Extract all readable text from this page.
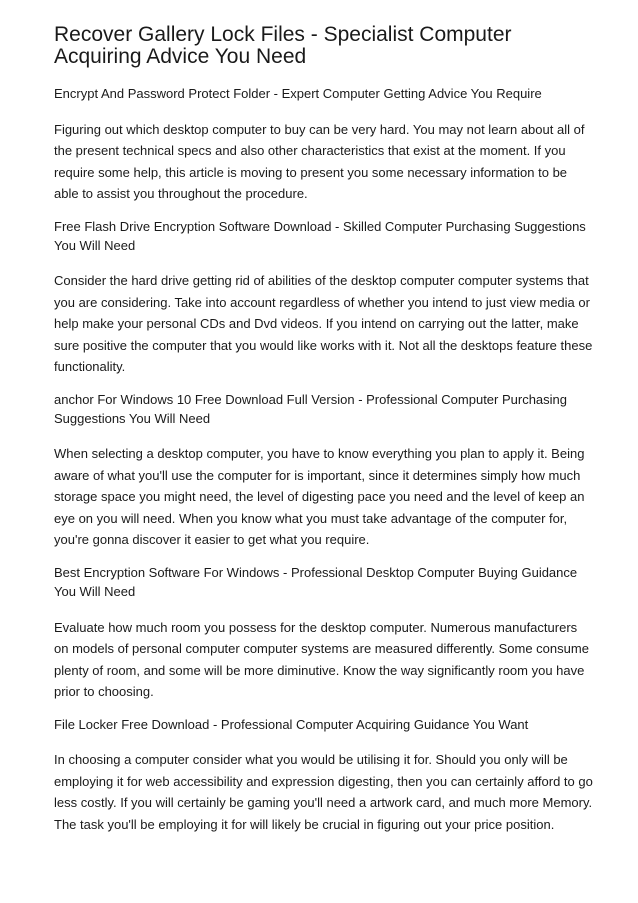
Recover Gallery Lock Files - Specialist Computer Acquiring Advice You Need
Encrypt And Password Protect Folder - Expert Computer Getting Advice You Require

Figuring out which desktop computer to buy can be very hard. You may not learn about all of the present technical specs and also other characteristics that exist at the moment. If you require some help, this article is moving to present you some necessary information to be able to assist you throughout the procedure.

Free Flash Drive Encryption Software Download - Skilled Computer Purchasing Suggestions You Will Need

Consider the hard drive getting rid of abilities of the desktop computer computer systems that you are considering. Take into account regardless of whether you intend to just view media or help make your personal CDs and Dvd videos. If you intend on carrying out the latter, make sure positive the computer that you would like works with it. Not all the desktops feature these functionality.

anchor For Windows 10 Free Download Full Version - Professional Computer Purchasing Suggestions You Will Need

When selecting a desktop computer, you have to know everything you plan to apply it. Being aware of what you'll use the computer for is important, since it determines simply how much storage space you might need, the level of digesting pace you need and the level of keep an eye on you will need. When you know what you must take advantage of the computer for, you're gonna discover it easier to get what you require.

Best Encryption Software For Windows - Professional Desktop Computer Buying Guidance You Will Need

Evaluate how much room you possess for the desktop computer. Numerous manufacturers on models of personal computer computer systems are measured differently. Some consume plenty of room, and some will be more diminutive. Know the way significantly room you have prior to choosing.

File Locker Free Download - Professional Computer Acquiring Guidance You Want

In choosing a computer consider what you would be utilising it for. Should you only will be employing it for web accessibility and expression digesting, then you can certainly afford to go less costly. If you will certainly be gaming you'll need a artwork card, and much more Memory. The task you'll be employing it for will likely be crucial in figuring out your price position.
